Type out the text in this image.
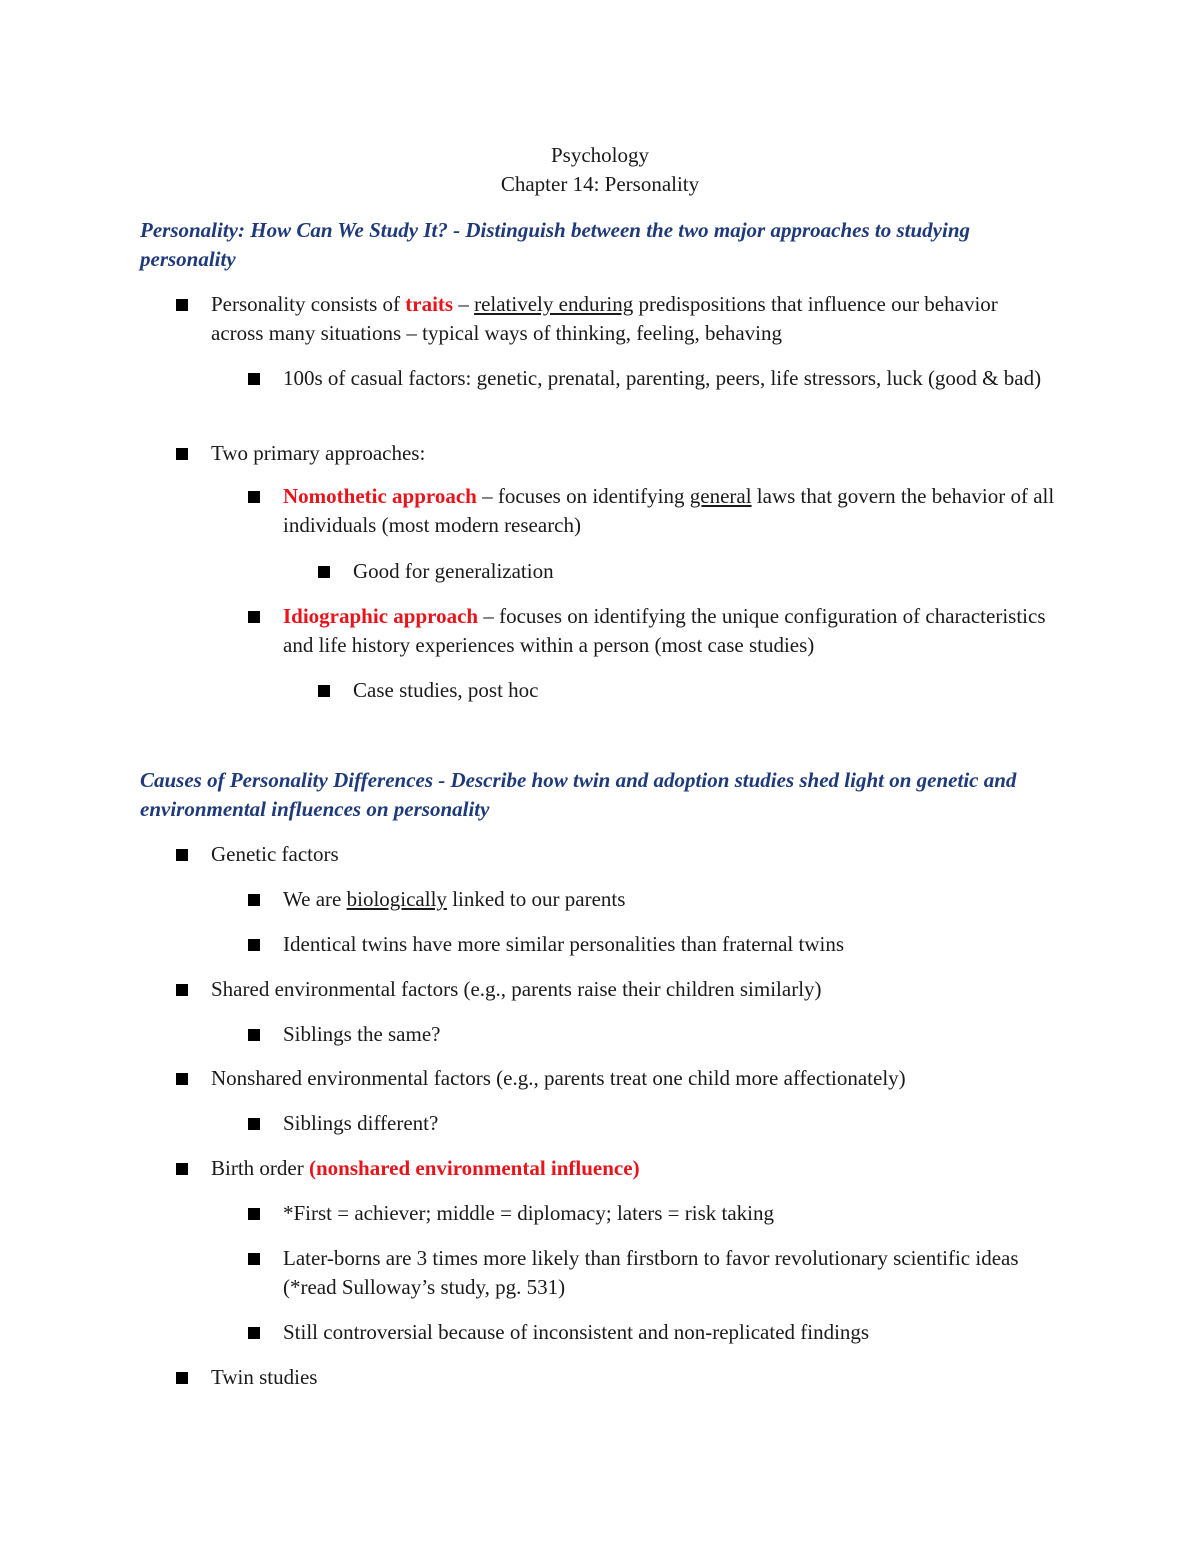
Psychology
Chapter 14: Personality
Personality: How Can We Study It? - Distinguish between the two major approaches to studying personality
Personality consists of traits – relatively enduring predispositions that influence our behavior across many situations – typical ways of thinking, feeling, behaving
100s of casual factors: genetic, prenatal, parenting, peers, life stressors, luck (good & bad)
Two primary approaches:
Nomothetic approach – focuses on identifying general laws that govern the behavior of all individuals (most modern research)
Good for generalization
Idiographic approach – focuses on identifying the unique configuration of characteristics and life history experiences within a person (most case studies)
Case studies, post hoc
Causes of Personality Differences - Describe how twin and adoption studies shed light on genetic and environmental influences on personality
Genetic factors
We are biologically linked to our parents
Identical twins have more similar personalities than fraternal twins
Shared environmental factors (e.g., parents raise their children similarly)
Siblings the same?
Nonshared environmental factors (e.g., parents treat one child more affectionately)
Siblings different?
Birth order (nonshared environmental influence)
*First = achiever; middle = diplomacy; laters = risk taking
Later-borns are 3 times more likely than firstborn to favor revolutionary scientific ideas (*read Sulloway’s study, pg. 531)
Still controversial because of inconsistent and non-replicated findings
Twin studies
